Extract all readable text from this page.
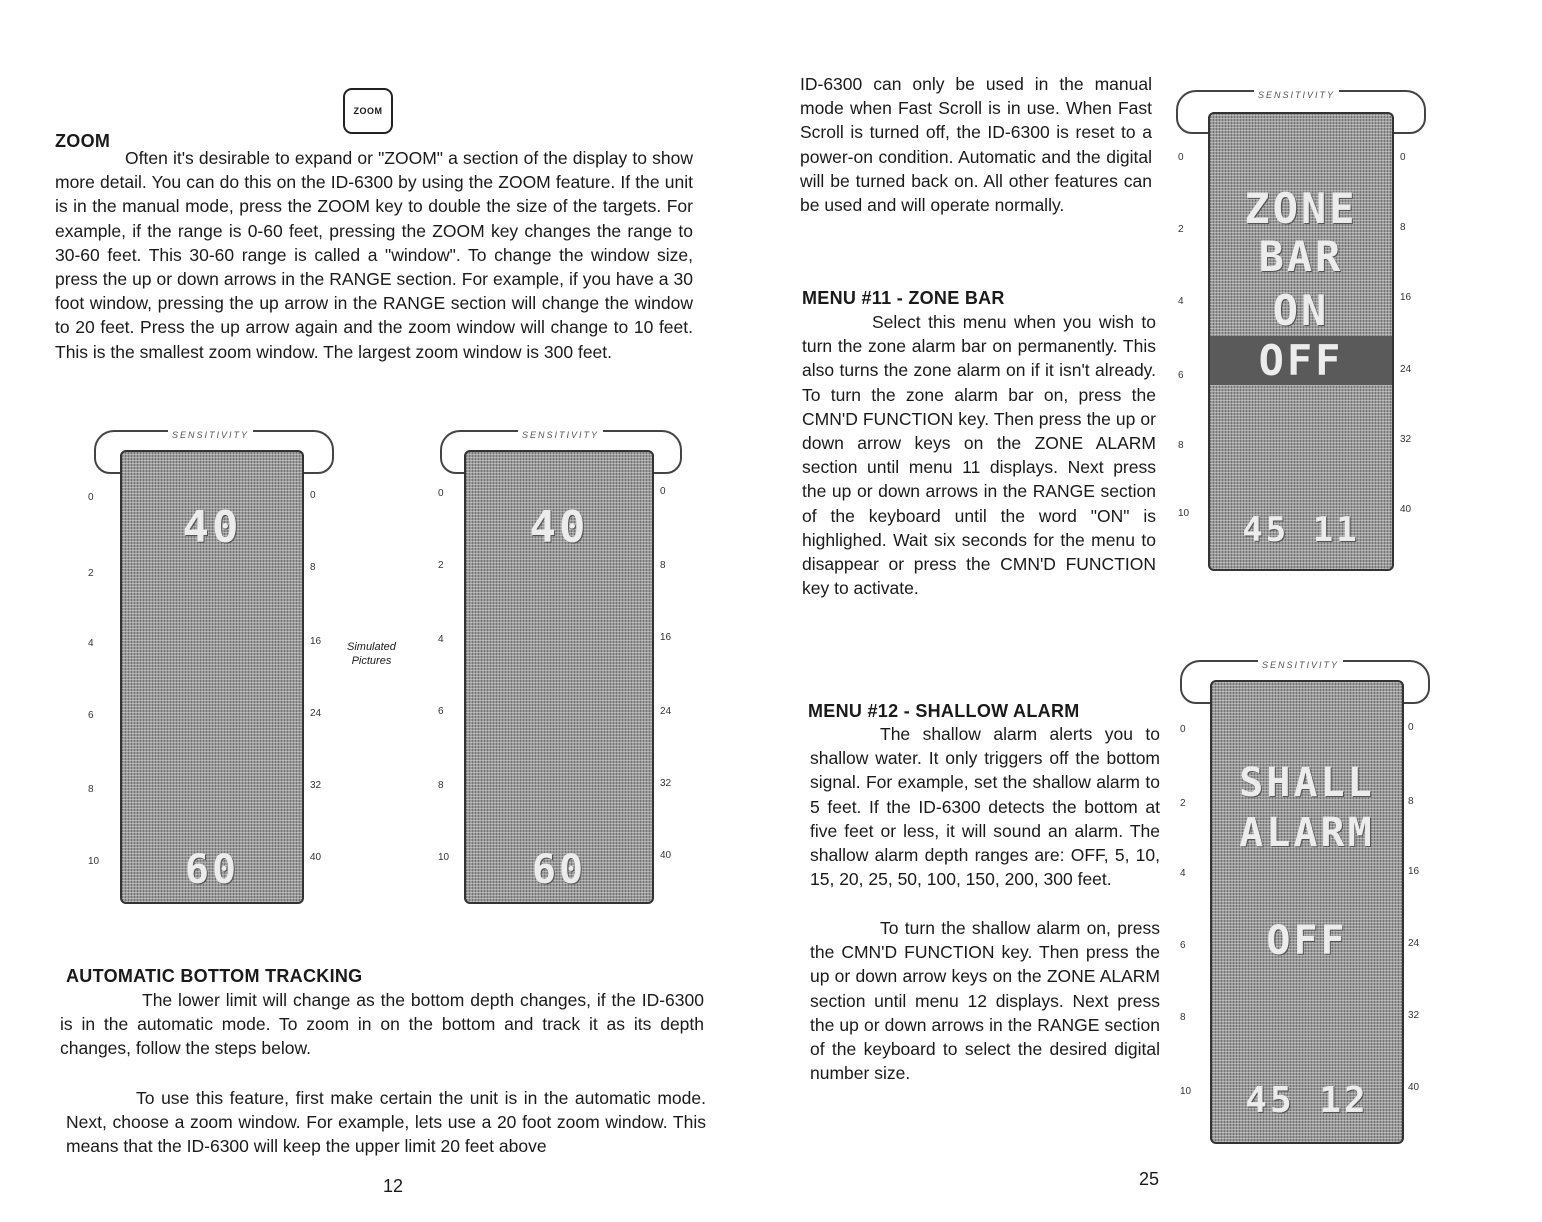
ZOOM
ZOOM
Often it's desirable to expand or "ZOOM" a section of the display to show more detail. You can do this on the ID-6300 by using the ZOOM feature. If the unit is in the manual mode, press the ZOOM key to double the size of the targets. For example, if the range is 0-60 feet, pressing the ZOOM key changes the range to 30-60 feet. This 30-60 range is called a "window". To change the window size, press the up or down arrows in the RANGE section. For example, if you have a 30 foot window, pressing the up arrow in the RANGE section will change the window to 20 feet. Press the up arrow again and the zoom window will change to 10 feet. This is the smallest zoom window. The largest zoom window is 300 feet.
SENSITIVITY
40
60
0
2
4
6
8
10
0
8
16
24
32
40
Simulated
Pictures
SENSITIVITY
40
60
0
2
4
6
8
10
0
8
16
24
32
40
AUTOMATIC BOTTOM TRACKING
The lower limit will change as the bottom depth changes, if the ID-6300 is in the automatic mode. To zoom in on the bottom and track it as its depth changes, follow the steps below.
To use this feature, first make certain the unit is in the automatic mode. Next, choose a zoom window. For example, lets use a 20 foot zoom window. This means that the ID-6300 will keep the upper limit 20 feet above
12
ID-6300 can only be used in the manual mode when Fast Scroll is in use. When Fast Scroll is turned off, the ID-6300 is reset to a power-on condition. Automatic and the digital will be turned back on. All other features can be used and will operate normally.
MENU #11 - ZONE BAR
Select this menu when you wish to turn the zone alarm bar on permanently. This also turns the zone alarm on if it isn't already. To turn the zone alarm bar on, press the CMN'D FUNCTION key. Then press the up or down arrow keys on the ZONE ALARM section until menu 11 displays. Next press the up or down arrows in the RANGE section of the keyboard until the word "ON" is highlighed. Wait six seconds for the menu to disappear or press the CMN'D FUNCTION key to activate.
MENU #12 - SHALLOW ALARM
The shallow alarm alerts you to shallow water. It only triggers off the bottom signal. For example, set the shallow alarm to 5 feet. If the ID-6300 detects the bottom at five feet or less, it will sound an alarm. The shallow alarm depth ranges are: OFF, 5, 10, 15, 20, 25, 50, 100, 150, 200, 300 feet.
To turn the shallow alarm on, press the CMN'D FUNCTION key. Then press the up or down arrow keys on the ZONE ALARM section until menu 12 displays. Next press the up or down arrows in the RANGE section of the keyboard to select the desired digital number size.
SENSITIVITY
ZONE
BAR
ON
OFF
45 11
0
2
4
6
8
10
0
8
16
24
32
40
SENSITIVITY
SHALL
ALARM
OFF
45 12
0
2
4
6
8
10
0
8
16
24
32
40
25
